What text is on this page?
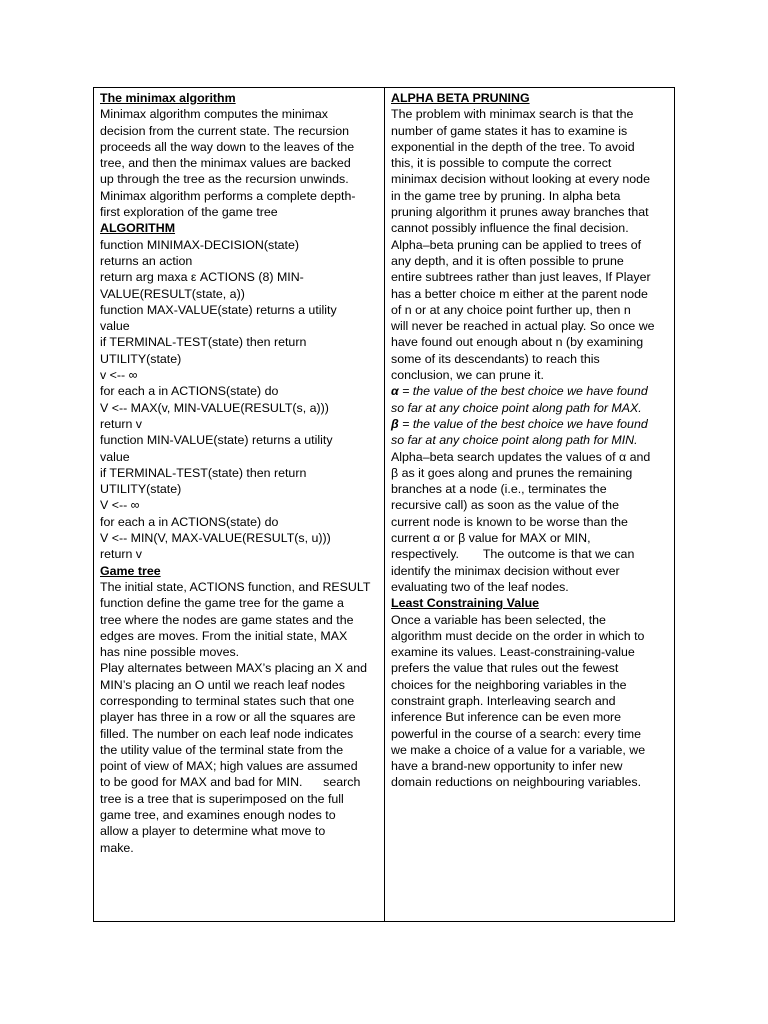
The minimax algorithm
Minimax algorithm computes the minimax
decision from the current state. The recursion
proceeds all the way down to the leaves of the
tree, and then the minimax values are backed
up through the tree as the recursion unwinds.
Minimax algorithm performs a complete depth-
first exploration of the game tree
ALGORITHM
function MINIMAX-DECISION(state)
returns an action
return arg maxa ε ACTIONS (8) MIN-
VALUE(RESULT(state, a))
function MAX-VALUE(state) returns a utility
value
if TERMINAL-TEST(state) then return
UTILITY(state)
v <-- ∞
for each a in ACTIONS(state) do
V <-- MAX(v, MIN-VALUE(RESULT(s, a)))
return v
function MIN-VALUE(state) returns a utility
value
if TERMINAL-TEST(state) then return
UTILITY(state)
V <-- ∞
for each a in ACTIONS(state) do
V <-- MIN(V, MAX-VALUE(RESULT(s, u)))
return v
Game tree
The initial state, ACTIONS function, and RESULT
function define the game tree for the game a
tree where the nodes are game states and the
edges are moves. From the initial state, MAX
has nine possible moves.
Play alternates between MAX’s placing an X and
MIN’s placing an O until we reach leaf nodes
corresponding to terminal states such that one
player has three in a row or all the squares are
filled. The number on each leaf node indicates
the utility value of the terminal state from the
point of view of MAX; high values are assumed
to be good for MAX and bad for MIN.      search
tree is a tree that is superimposed on the full
game tree, and examines enough nodes to
allow a player to determine what move to
make.
ALPHA BETA PRUNING
The problem with minimax search is that the
number of game states it has to examine is
exponential in the depth of the tree. To avoid
this, it is possible to compute the correct
minimax decision without looking at every node
in the game tree by pruning. In alpha beta
pruning algorithm it prunes away branches that
cannot possibly influence the final decision.
Alpha–beta pruning can be applied to trees of
any depth, and it is often possible to prune
entire subtrees rather than just leaves, If Player
has a better choice m either at the parent node
of n or at any choice point further up, then n
will never be reached in actual play. So once we
have found out enough about n (by examining
some of its descendants) to reach this
conclusion, we can prune it.
α = the value of the best choice we have found
so far at any choice point along path for MAX.
β = the value of the best choice we have found
so far at any choice point along path for MIN.
Alpha–beta search updates the values of α and
β as it goes along and prunes the remaining
branches at a node (i.e., terminates the
recursive call) as soon as the value of the
current node is known to be worse than the
current α or β value for MAX or MIN,
respectively.       The outcome is that we can
identify the minimax decision without ever
evaluating two of the leaf nodes.
Least Constraining Value
Once a variable has been selected, the
algorithm must decide on the order in which to
examine its values. Least-constraining-value
prefers the value that rules out the fewest
choices for the neighboring variables in the
constraint graph. Interleaving search and
inference But inference can be even more
powerful in the course of a search: every time
we make a choice of a value for a variable, we
have a brand-new opportunity to infer new
domain reductions on neighbouring variables.
